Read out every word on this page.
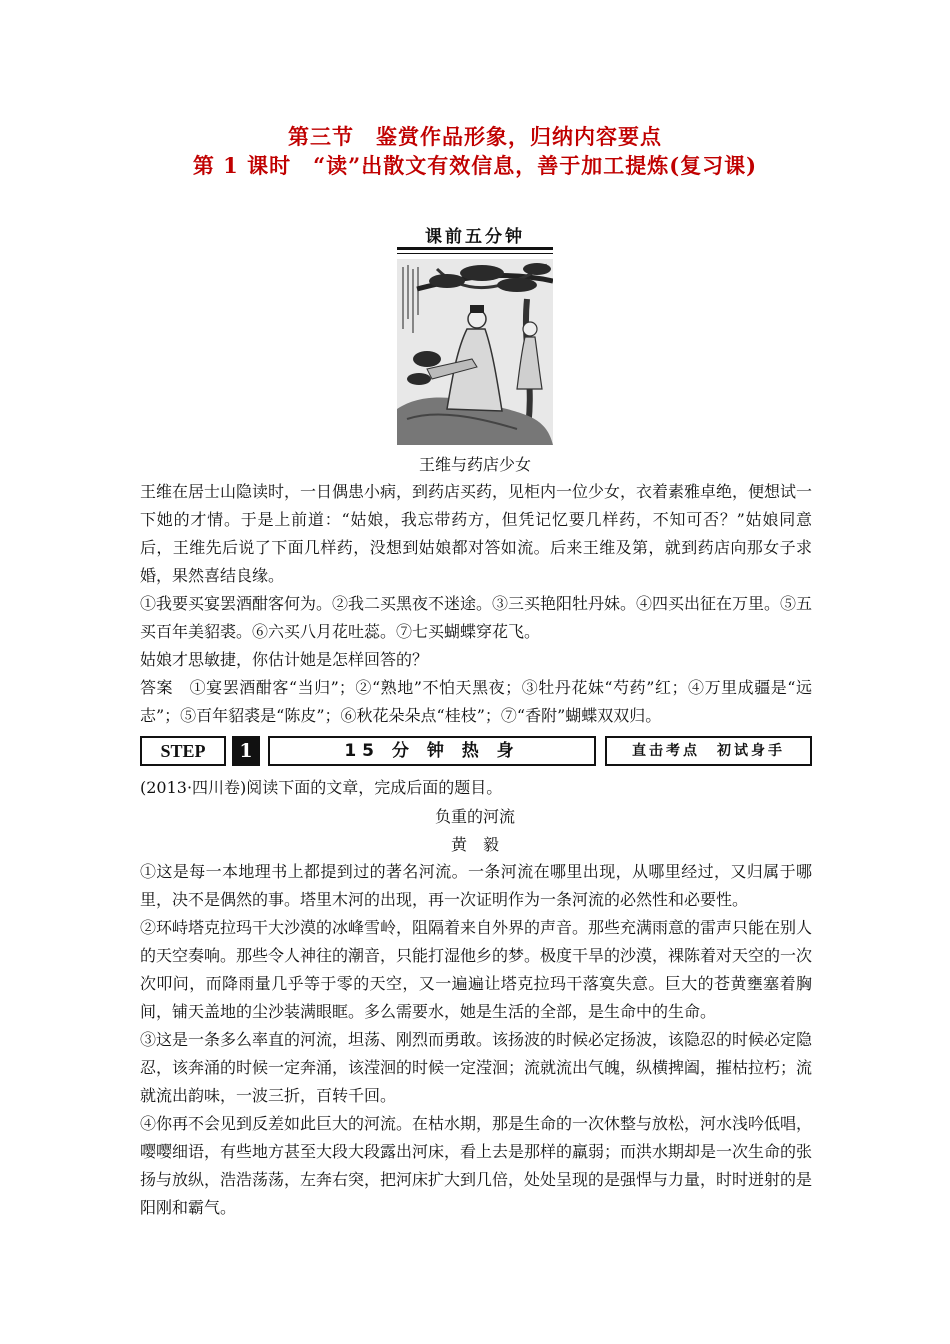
第三节　鉴赏作品形象，归纳内容要点
第 1 课时　“读”出散文有效信息，善于加工提炼(复习课)
课前五分钟
王维与药店少女
王维在居士山隐读时，一日偶患小病，到药店买药，见柜内一位少女，衣着素雅卓绝，便想试一下她的才情。于是上前道：“姑娘，我忘带药方，但凭记忆要几样药，不知可否？”姑娘同意后，王维先后说了下面几样药，没想到姑娘都对答如流。后来王维及第，就到药店向那女子求婚，果然喜结良缘。
①我要买宴罢酒酣客何为。②我二买黑夜不迷途。③三买艳阳牡丹妹。④四买出征在万里。⑤五买百年美貂裘。⑥六买八月花吐蕊。⑦七买蝴蝶穿花飞。
姑娘才思敏捷，你估计她是怎样回答的？
答案　①宴罢酒酣客“当归”；②“熟地”不怕天黑夜；③牡丹花妹“芍药”红；④万里成疆是“远志”；⑤百年貂裘是“陈皮”；⑥秋花朵朵点“桂枝”；⑦“香附”蝴蝶双双归。
STEP	1	15 分 钟 热 身	直击考点　初试身手
(2013·四川卷)阅读下面的文章，完成后面的题目。
负重的河流
黄　毅
①这是每一本地理书上都提到过的著名河流。一条河流在哪里出现，从哪里经过，又归属于哪里，决不是偶然的事。塔里木河的出现，再一次证明作为一条河流的必然性和必要性。
②环峙塔克拉玛干大沙漠的冰峰雪岭，阻隔着来自外界的声音。那些充满雨意的雷声只能在别人的天空奏响。那些令人神往的潮音，只能打湿他乡的梦。极度干旱的沙漠，裸陈着对天空的一次次叩问，而降雨量几乎等于零的天空，又一遍遍让塔克拉玛干落寞失意。巨大的苍黄壅塞着胸间，铺天盖地的尘沙装满眼眶。多么需要水，她是生活的全部，是生命中的生命。
③这是一条多么率直的河流，坦荡、刚烈而勇敢。该扬波的时候必定扬波，该隐忍的时候必定隐忍，该奔涌的时候一定奔涌，该滢洄的时候一定滢洄；流就流出气魄，纵横捭阖，摧枯拉朽；流就流出韵味，一波三折，百转千回。
④你再不会见到反差如此巨大的河流。在枯水期，那是生命的一次休整与放松，河水浅吟低唱，嘤嘤细语，有些地方甚至大段大段露出河床，看上去是那样的羸弱；而洪水期却是一次生命的张扬与放纵，浩浩荡荡，左奔右突，把河床扩大到几倍，处处呈现的是强悍与力量，时时迸射的是阳刚和霸气。
